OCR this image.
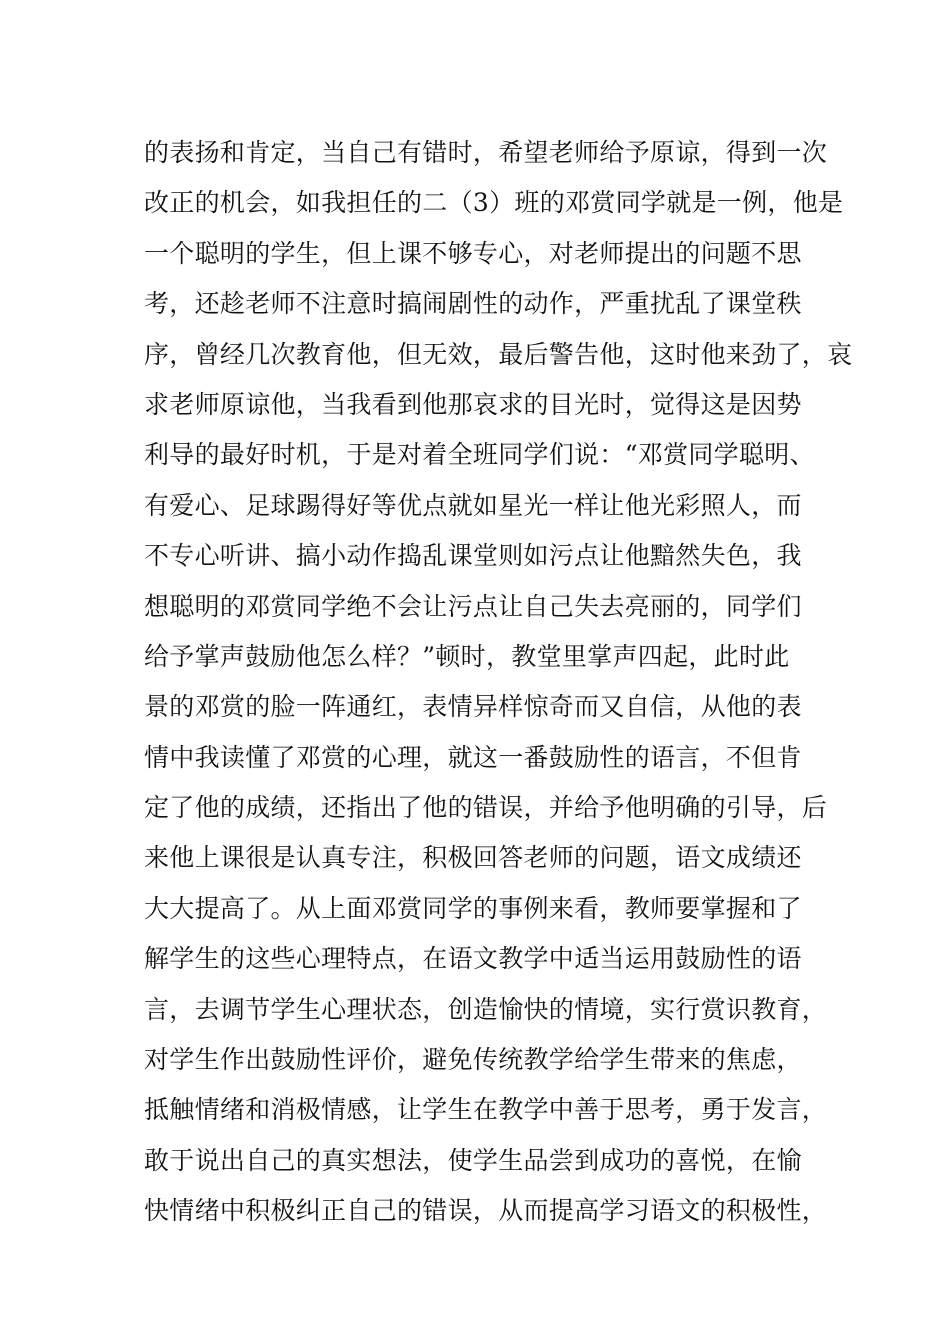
的表扬和肯定，当自己有错时，希望老师给予原谅，得到一次
改正的机会，如我担任的二（3）班的邓赏同学就是一例，他是
一个聪明的学生，但上课不够专心，对老师提出的问题不思
考，还趁老师不注意时搞闹剧性的动作，严重扰乱了课堂秩
序，曾经几次教育他，但无效，最后警告他，这时他来劲了，哀
求老师原谅他，当我看到他那哀求的目光时，觉得这是因势
利导的最好时机，于是对着全班同学们说：“邓赏同学聪明、
有爱心、足球踢得好等优点就如星光一样让他光彩照人，而
不专心听讲、搞小动作捣乱课堂则如污点让他黯然失色，我
想聪明的邓赏同学绝不会让污点让自己失去亮丽的，同学们
给予掌声鼓励他怎么样？”顿时，教堂里掌声四起，此时此
景的邓赏的脸一阵通红，表情异样惊奇而又自信，从他的表
情中我读懂了邓赏的心理，就这一番鼓励性的语言，不但肯
定了他的成绩，还指出了他的错误，并给予他明确的引导，后
来他上课很是认真专注，积极回答老师的问题，语文成绩还
大大提高了。从上面邓赏同学的事例来看，教师要掌握和了
解学生的这些心理特点，在语文教学中适当运用鼓励性的语
言，去调节学生心理状态，创造愉快的情境，实行赏识教育，
对学生作出鼓励性评价，避免传统教学给学生带来的焦虑，
抵触情绪和消极情感，让学生在教学中善于思考，勇于发言，
敢于说出自己的真实想法，使学生品尝到成功的喜悦，在愉
快情绪中积极纠正自己的错误，从而提高学习语文的积极性，
